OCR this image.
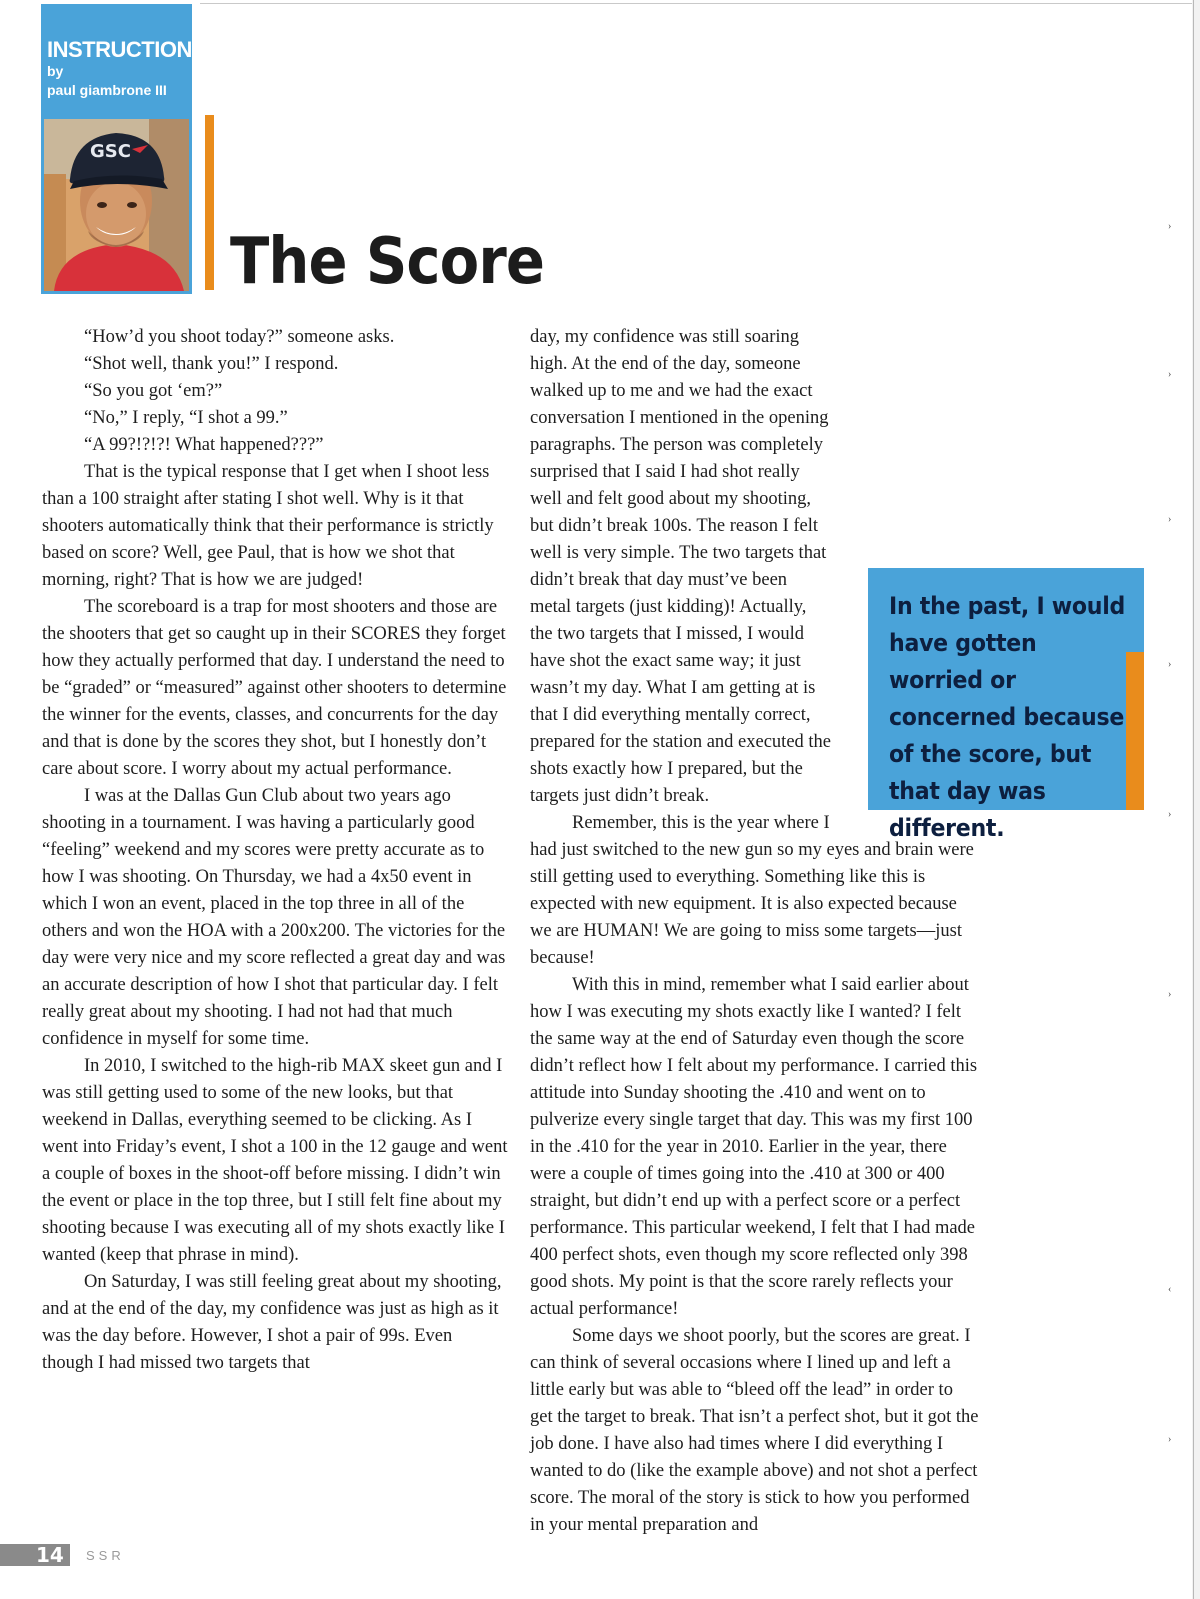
INSTRUCTION
by
paul giambrone III
GSC
The Score

“How’d you shoot today?” someone asks.

“Shot well, thank you!” I respond.

“So you got ‘em?”

“No,” I reply, “I shot a 99.”

“A 99?!?!?! What happened???”

That is the typical response that I get when I shoot less than a 100 straight after stating I shot well. Why is it that shooters automatically think that their performance is strictly based on score? Well, gee Paul, that is how we shot that morning, right? That is how we are judged!

The scoreboard is a trap for most shooters and those are the shooters that get so caught up in their SCORES they forget how they actually performed that day. I understand the need to be “graded” or “measured” against other shooters to determine the winner for the events, classes, and concurrents for the day and that is done by the scores they shot, but I honestly don’t care about score. I worry about my actual performance.

I was at the Dallas Gun Club about two years ago shooting in a tournament. I was having a particularly good “feeling” weekend and my scores were pretty accurate as to how I was shooting. On Thursday, we had a 4x50 event in which I won an event, placed in the top three in all of the others and won the HOA with a 200x200. The victories for the day were very nice and my score reflected a great day and was an accurate description of how I shot that particular day. I felt really great about my shooting. I had not had that much confidence in myself for some time.

In 2010, I switched to the high-rib MAX skeet gun and I was still getting used to some of the new looks, but that weekend in Dallas, everything seemed to be clicking. As I went into Friday’s event, I shot a 100 in the 12 gauge and went a couple of boxes in the shoot-off before missing. I didn’t win the event or place in the top three, but I still felt fine about my shooting because I was executing all of my shots exactly like I wanted (keep that phrase in mind).

On Saturday, I was still feeling great about my shooting, and at the end of the day, my confidence was just as high as it was the day before. However, I shot a pair of 99s. Even though I had missed two targets that

day, my confidence was still soaring high. At the end of the day, someone walked up to me and we had the exact conversation I mentioned in the opening paragraphs. The person was completely surprised that I said I had shot really well and felt good about my shooting, but didn’t break 100s. The reason I felt well is very simple. The two targets that didn’t break that day must’ve been metal targets (just kidding)! Actually, the two targets that I missed, I would have shot the exact same way; it just wasn’t my day. What I am getting at is that I did everything mentally correct, prepared for the station and executed the shots exactly how I prepared, but the targets just didn’t break.

Remember, this is the year where I had just switched to the new gun so my eyes and brain were still getting used to everything. Something like this is expected with new equipment. It is also expected because we are HUMAN! We are going to miss some targets—just because!

With this in mind, remember what I said earlier about how I was executing my shots exactly like I wanted? I felt the same way at the end of Saturday even though the score didn’t reflect how I felt about my performance. I carried this attitude into Sunday shooting the .410 and went on to pulverize every single target that day. This was my first 100 in the .410 for the year in 2010. Earlier in the year, there were a couple of times going into the .410 at 300 or 400 straight, but didn’t end up with a perfect score or a perfect performance. This particular weekend, I felt that I had made 400 perfect shots, even though my score reflected only 398 good shots. My point is that the score rarely reflects your actual performance!

Some days we shoot poorly, but the scores are great. I can think of several occasions where I lined up and left a little early but was able to “bleed off the lead” in order to get the target to break. That isn’t a perfect shot, but it got the job done. I have also had times where I did everything I wanted to do (like the example above) and not shot a perfect score. The moral of the story is stick to how you performed in your mental preparation and

In the past, I would have gotten worried or concerned because of the score, but that day was different.

14 SSR
›
›
›
›
›
›
‹
›
